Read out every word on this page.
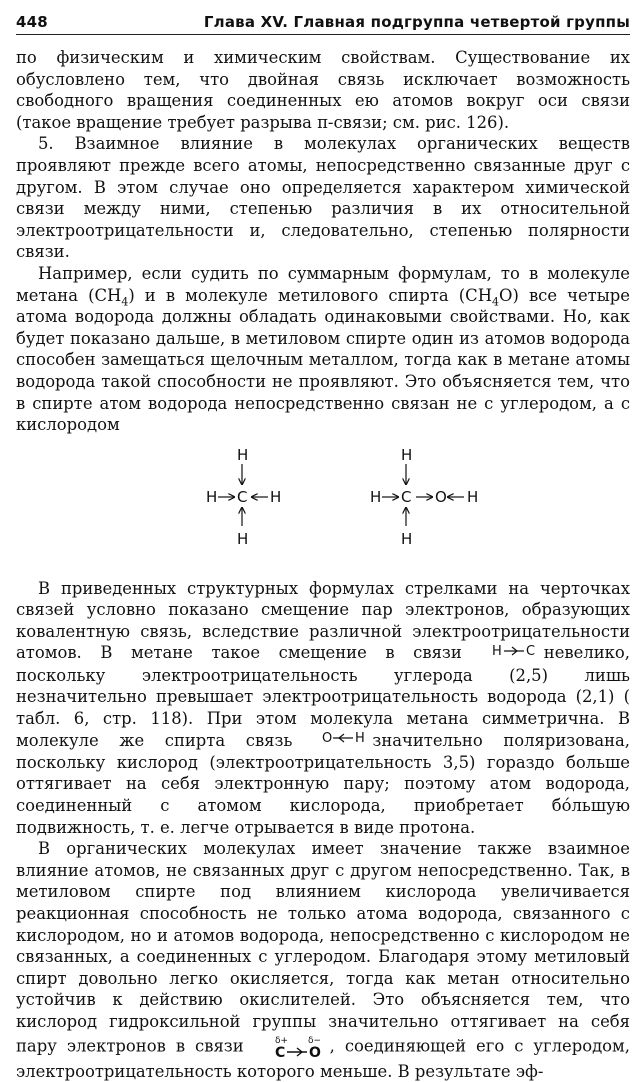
448	Глава XV. Главная подгруппа четвертой группы

по физическим и химическим свойствам. Существование их обусловлено тем, что двойная связь исключает возможность свободного вращения соединенных ею атомов вокруг оси связи (такое вращение требует разрыва π-связи; см. рис. 126).

5. Взаимное влияние в молекулах органических веществ проявляют прежде всего атомы, непосредственно связанные друг с другом. В этом случае оно определяется характером химической связи между ними, степенью различия в их относительной электроотрицательности и, следовательно, степенью полярности связи.

Например, если судить по суммарным формулам, то в молекуле метана $(CH_4)$ и в молекуле метилового спирта $(CH_4O)$ все четыре атома водорода должны обладать одинаковыми свойствами. Но, как будет показано дальше, в метиловом спирте один из атомов водорода способен замещаться щелочным металлом, тогда как в метане атомы водорода такой способности не проявляют. Это объясняется тем, что в спирте атом водорода непосредственно связан не с углеродом, а с кислородом

H
H C H
H
H
H C O H
H

В приведенных структурных формулах стрелками на черточках связей условно показано смещение пар электронов, образующих ковалентную связь, вследствие различной электроотрицательности атомов. В метане такое смещение в связи H C невелико, поскольку электроотрицательность углерода (2,5) лишь незначительно превышает электроотрицательность водорода (2,1) ( табл. 6, стр. 118). При этом молекула метана симметрична. В молекуле же спирта связь O H значительно поляризована, поскольку кислород (электроотрицательность 3,5) гораздо больше оттягивает на себя электронную пару; поэтому атом водорода, соединенный с атомом кислорода, приобретает бо́льшую подвижность, т. е. легче отрывается в виде протона.

В органических молекулах имеет значение также взаимное влияние атомов, не связанных друг с другом непосредственно. Так, в метиловом спирте под влиянием кислорода увеличивается реакционная способность не только атома водорода, связанного с кислородом, но и атомов водорода, непосредственно с кислородом не связанных, а соединенных с углеродом. Благодаря этому метиловый спирт довольно легко окисляется, тогда как метан относительно устойчив к действию окислителей. Это объясняется тем, что кислород гидроксильной группы значительно оттягивает на себя пару электронов в связи	δ+ δ−
C O , соединяющей его с углеродом, электроотрицательность которого меньше. В результате эф-
